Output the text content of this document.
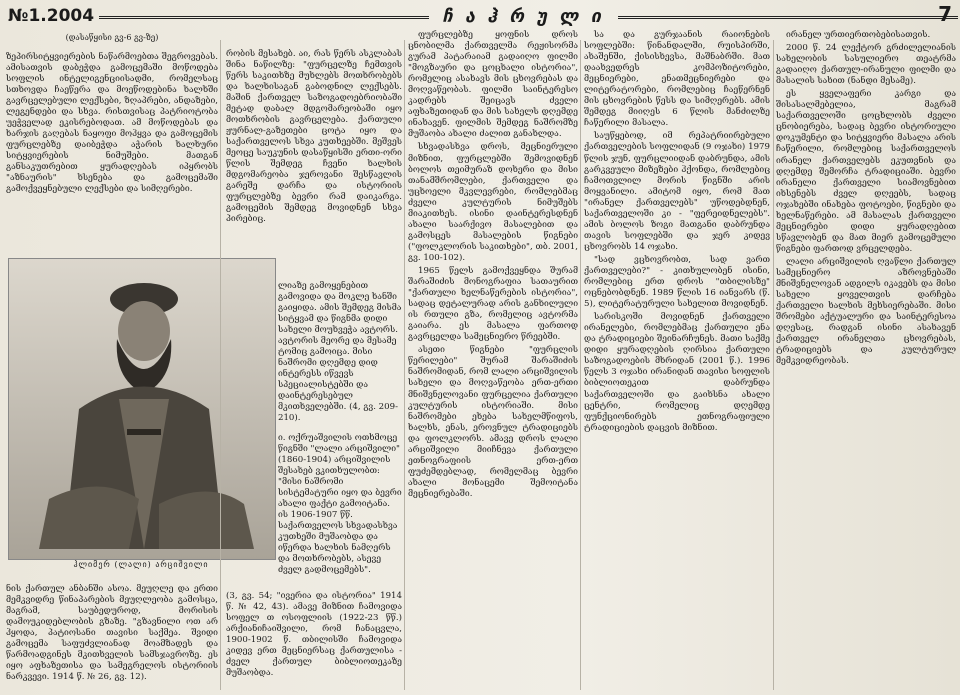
№1.2004	ჩ ა ჰ რ უ ლ ი	7
(დასაწყისი გვ-6 გვ-ზე)

ზეპირსიტყვიერების ნაწარმოებთა შეგროვებას. ამისათვის დაბეჭდა გამოცემაში მოწოდება სოფლის ინტელიგენციისადმი, რომელსაც სთხოვდა ჩაეწერა და მოეწოდებინა ხალხში გავრცელებული ლექსები, ზღაპრები, ანდაზები, ლეგენდები და სხვა. რისთვისაც პატრიოტობა უეჭველად ეკისრებოდათ. ამ მოწოდებას და ხარჯის გაღებას ნაყოფი მოჰყვა და გამოცემის ფურცლებზე დაიბეჭდა აჭარის ხალხური სიტყვიერების ნიმუშები. მათგან განსაკუთრებით ყურადღებას იპყრობს "აზნაურის" ხსენება და გამოცემაში გამოქვეყნებული ლექსები და სიმღერები.

რობის მესახებ. აი, რას წერს ასკლაბას შინა ნაწილზე: "ფურცელზე ჩემთვის წერს საკითხზე მუხლებს მოთხრობებს და ხალხისაგან გაბოდნილ ლექსებს. მაშინ ქართველ საზოგადოებრიობაში მეტად დაბალ მდგომარეობაში იყო მოთხრობის გავრცელება. ქართული ჟურნალ-გაზეთები ცოტა იყო და საქართველოს სხვა კუთხეებში. მეშვეს მეოცე საუკუნის დასაწყისში ერთი-ორი წლის შემდეგ ჩვენი ხალხის მდგომარეობა ჯეროვანი შესწავლის გარეშე დარჩა და ისტორიის ფურცლებზე ბევრი რამ დაიკარგა. გამოცემის შემდეგ მოვიდნენ სხვა პირებიც.

ჰლიმერ (ლალი) არციშვილი

ლიაზე გამოყენებით გამოვიდა და მოკლე ხანში გაიყიდა. ამის შემდეგ მისმა სიტყვამ და წიგნმა დიდი სახელი მოუხვეჭა ავტორს. ავტორის მეორე და მესამე ტომიც გამოიცა. მისი ნაშრომი დღემდე დიდ ინტერესს იწვევს სპეციალისტებში და დაინტერესებულ მკითხველებში. (4, გვ. 209-210).

ი. ოქრუაშვილის ოთხმოცე წიგნში "ლალი არციშვილი" (1860-1904) არციშვილის შესახებ ვკითხულობთ: "მისი ნაშრომი სისტემატური იყო და ბევრი ახალი ფაქტი გამოიტანა. ის 1906-1907 წწ. საქართველოს სხვადასხვა კუთხეში მუშაობდა და იწერდა ხალხის ნამღერს და მოთხრობებს, ასევე ძველ გადმოცემებს".

ნის ქართულ ანბანში ასოა. მეუღლე და ერთი მემკვიდრე წინაპარების მეუღლეობა გამოსცა, მაგრამ, საუბედუროდ, მორისის დამოუკიდებლობის გზაზე. "გზავნილი ოთ არ ჰყოდა, პატიოსანი თავისი საქმეა. შვიდი გამოცემა საფუძვლიანად მოამზადეს და წარმოადგინეს მკითხველის სამსჯავროზე. ეს იყო აფხაზეთისა და სამეგრელოს ისტორიის ნარკვევი. 1914 წ. № 26, გვ. 12).

(3, გვ. 54; "ივერია და ისტორია" 1914 წ. № 42, 43). ამავე მიზნით ჩამოვიდა სოფელ თ ოსოფლიის (1922-23 წწ.) არქიანიჩაიშვილი, რომ ჩანაცვლა, 1900-1902 წ. თბილისში ჩამოვიდა კიდევ ერთ მეცნიერსაც ქართულისა - ძველ ქართულ ბიბლიოთეკაზე მუშაობდა.

ფურცლებზე ყოფნის დროს ცნობილმა ქართველმა რეჟისორმა გურამ პატარაიამ გადაიღო ფილმი "მოგზაური და ცოცხალი ისტორია", რომელიც ასახავს მის ცხოვრებას და მოღვაწეობას. ფილმი საინტერესო კადრებს შეიცავს ძველი აფხაზეთიდან და მის სახელს დღემდე ინახავენ. ფილმის შემდეგ ნაშრომზე მუშაობა ახალი ძალით განახლდა.

სხვადასხვა დროს, მეცნიერული მიზნით, ფურცლებში შემოვიდნენ ბოლოს თეიმურაზ დოხერი და მისი თანამშრომლები, ქართველი და უცხოელი მკვლევრები, რომლებმაც ძველი კულტურის ნიმუშებს მიაკითხეს. ისინი დაინტერესდნენ ახალი საარქივო მასალებით და გამოსცეს მასალების წიგნები ("ფოლკლორის საკითხები", თბ. 2001, გვ. 100-102).

1965 წელს გამოქვეყნდა შურამ შარაშიძის მონოგრაფია სათაურით "ქართული ხელნაწერების ისტორია", სადაც დეტალურად არის განხილული ის რთული გზა, რომელიც ავტორმა გაიარა. ეს მასალა ფართოდ გავრცელდა სამეცნიერო წრეებში.

ასეთი წიგნები "ფურცლის წერილები" შურამ შარაშიძის ნაშრომიდან, რომ ლალი არციშვილის სახელი და მოღვაწეობა ერთ-ერთი მნიშვნელოვანი ფურცელია ქართული კულტურის ისტორიაში. მისი ნაშრომები ეხება სახელმწიფოს, ხალხს, ენას, ეროვნულ ტრადიციებს და ფოლკლორს. ამავე დროს ლალი არციშვილი მიიჩნევა ქართული ეთნოგრაფიის ერთ-ერთ ფუძემდებლად, რომელმაც ბევრი ახალი მონაცემი შემოიტანა მეცნიერებაში.

სა და გურჯაანის რაიონების სოფლებში: წინანდალში, რუისპირში, ახაშენში, ქისისხევსა, მაშნაბრში. მათ დაახვედრეს კომპოზიტორები, მეცნიერები, ენათმეცნიერები და ლიტერატორები, რომლებიც ჩაეწერნენ მის ცხოვრების წესს და სიმღერებს. ამის შემდეგ მიიღეს 6 წლის მანძილზე ჩაწერილი მასალა.

საუწყებოდ, იმ რეპატრიირებული ქართველების სოფლიდან (9 ოჯახი) 1979 წლის ჯუნ, ფურცლიიდან დაბრუნდა, ამის გარკვეული მიზეზები ჰქონდა, რომლებიც ჩამოთვლილ მორის წიგნში არის მოყვანილი. ამიტომ იყო, რომ მათ "ირანელ ქართველებს" უწოდებდნენ, საქართველოში კი - "ფერეიდნელებს". ამის ბოლოს ზოგი მათგანი დაბრუნდა თავის სოფლებში და ჯერ კიდევ ცხოვრობს 14 ოჯახი.

"სად ვცხოვრობთ, სად ვართ ქართველები?" - კითხულობენ ისინი, რომლებიც ერთ დროს "თბილისზე" ოცნებობდნენ. 1989 წლის 16 იანვარს (წ. 5), ლიტერატურული სახელით მოვიდნენ.

სარისკოში მოვიდნენ ქართველი ირანელები, რომლებმაც ქართული ენა და ტრადიციები შეინარჩუნეს. მათი საქმე დიდი ყურადღების ღირსია ქართული საზოგადოების მხრიდან (2001 წ.). 1996 წელს 3 ოჯახი ირანიდან თავისი სოფლის ბიბლიოთეკით დაბრუნდა საქართველოში და გაიხსნა ახალი ცენტრი, რომელიც დღემდე ფუნქციონირებს ეთნოგრაფიული ტრადიციების დაცვის მიზნით.

ირანელ ურთიერთობებისათვის.

2000 წ. 24 ლექტორ გრძილელიანის სახელობის სასულიერო თეატრმა გადაიღო ქართულ-ირანული ფილმი და მასალის სახით (ნანდი მესამე).

ეს ყველაფერი კარგი და შისასალმებელია, მაგრამ საქართველოში ცოცხლობს ძველი ცნობიერება, სადაც ბევრი ისტორიული დოკუმენტი და სიტყვიერი მასალა არის ჩაწერილი, რომლებიც საქართველოს ირანელ ქართველებს ეკუთვნის და დღემდე შემორჩა ტრადიციაში. ბევრი ირანელი ქართველი სიამოვნებით იხსენებს ძველ დღეებს, სადაც ოჯახებში ინახება ფოტოები, წიგნები და ხელნაწერები. ამ მასალას ქართველი მეცნიერები დიდი ყურადღებით სწავლობენ და მათ მიერ გამოცემული წიგნები ფართოდ ვრცელდება.

ლალი არციშვილის ღვაწლი ქართულ სამეცნიერო აზროვნებაში მნიშვნელოვან ადგილს იკავებს და მისი სახელი ყოველთვის დარჩება ქართველი ხალხის მეხსიერებაში. მისი შრომები აქტუალური და საინტერესოა დღესაც, რადგან ისინი ასახავენ ქართველ ირანელთა ცხოვრებას, ტრადიციებს და კულტურულ მემკვიდრეობას.
